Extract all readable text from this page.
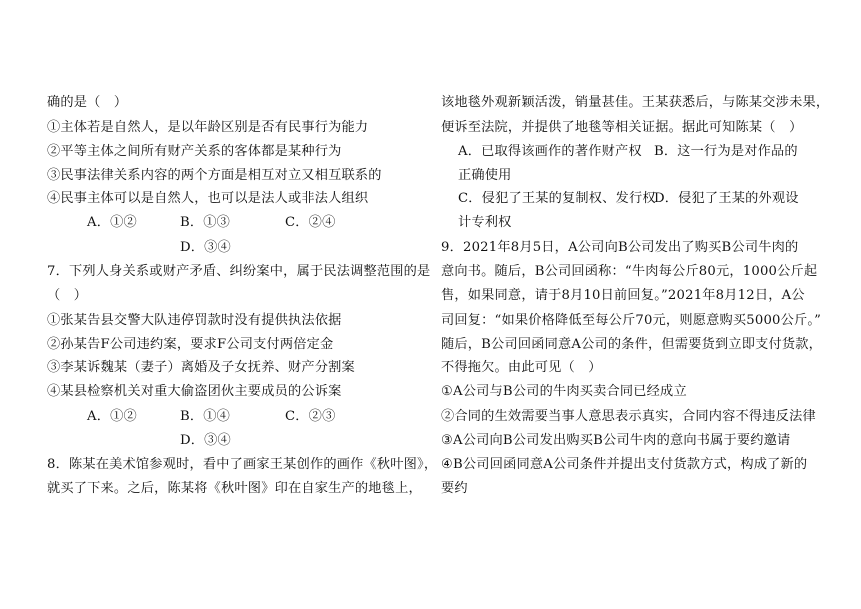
确的是（　）
①主体若是自然人，是以年龄区别是否有民事行为能力
②平等主体之间所有财产关系的客体都是某种行为
③民事法律关系内容的两个方面是相互对立又相互联系的
④民事主体可以是自然人，也可以是法人或非法人组织
A．①②	B．①③	C．②④
D．③④
7．下列人身关系或财产矛盾、纠纷案中，属于民法调整范围的是
（　）
①张某告县交警大队违停罚款时没有提供执法依据
②孙某告F公司违约案，要求F公司支付两倍定金
③李某诉魏某（妻子）离婚及子女抚养、财产分割案
④某县检察机关对重大偷盗团伙主要成员的公诉案
A．①②	B．①④	C．②③
D．③④
8．陈某在美术馆参观时，看中了画家王某创作的画作《秋叶图》，
就买了下来。之后，陈某将《秋叶图》印在自家生产的地毯上，
该地毯外观新颖活泼，销量甚佳。王某获悉后，与陈某交涉未果，
便诉至法院，并提供了地毯等相关证据。据此可知陈某（　）
A．已取得该画作的著作财产权 B．这一行为是对作品的
正确使用
C．侵犯了王某的复制权、发行权
D．侵犯了王某的外观设
计专利权
9．2021年8月5日，A公司向B公司发出了购买B公司牛肉的
意向书。随后，B公司回函称：“牛肉每公斤80元，1000公斤起
售，如果同意，请于8月10日前回复。”2021年8月12日，A公
司回复：“如果价格降低至每公斤70元，则愿意购买5000公斤。”
随后，B公司回函同意A公司的条件，但需要货到立即支付货款，
不得拖欠。由此可见（　）
①A公司与B公司的牛肉买卖合同已经成立
②合同的生效需要当事人意思表示真实，合同内容不得违反法律
③A公司向B公司发出购买B公司牛肉的意向书属于要约邀请
④B公司回函同意A公司条件并提出支付货款方式，构成了新的
要约
